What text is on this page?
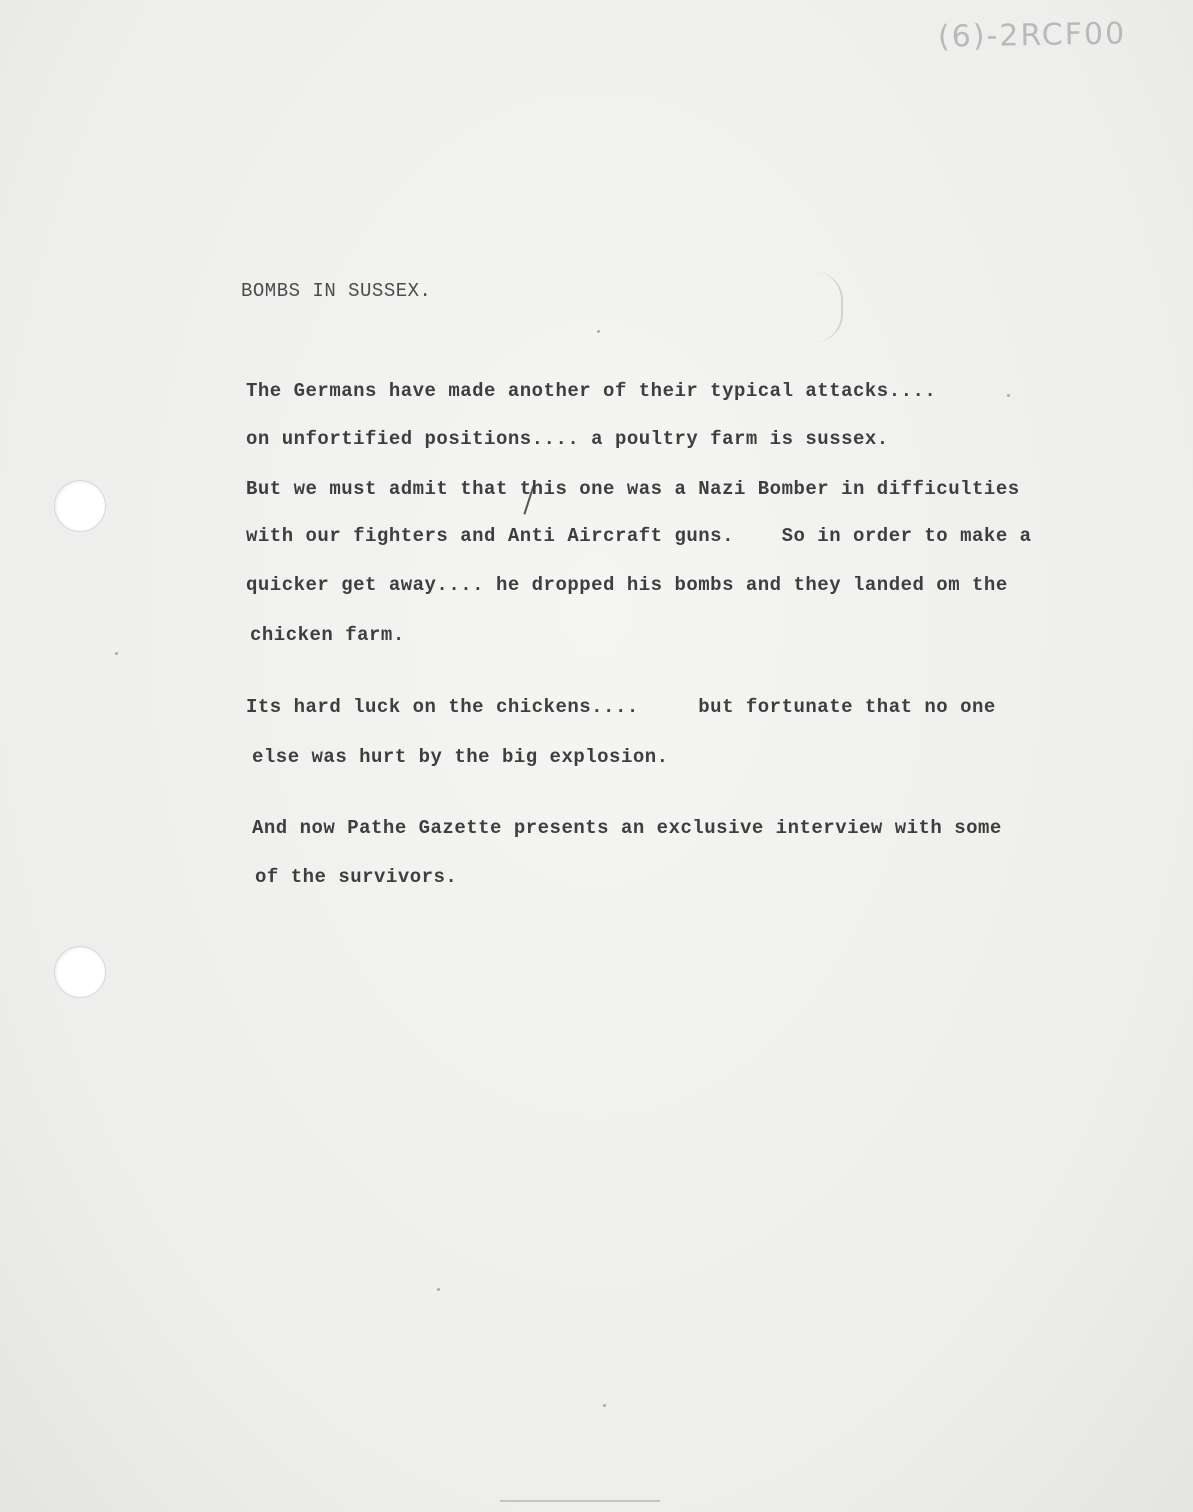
(6)-2RCF00
BOMBS IN SUSSEX.
The Germans have made another of their typical attacks....
on unfortified positions.... a poultry farm is sussex.
But we must admit that this one was a Nazi Bomber in difficulties
with our fighters and Anti Aircraft guns.    So in order to make a
quicker get away.... he dropped his bombs and they landed om the
chicken farm.
Its hard luck on the chickens....     but fortunate that no one
else was hurt by the big explosion.
And now Pathe Gazette presents an exclusive interview with some
of the survivors.
